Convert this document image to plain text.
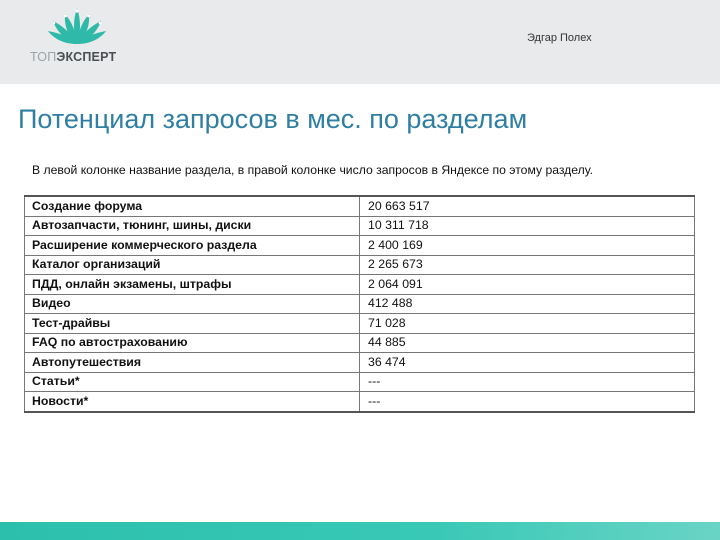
ТОПЭКСПЕРТ
Эдгар Полех
Потенциал запросов в мес. по разделам
В левой колонке название раздела, в правой колонке число запросов в Яндексе по этому разделу.
Создание форума	20 663 517
Автозапчасти, тюнинг, шины, диски	10 311 718
Расширение коммерческого раздела	2 400 169
Каталог организаций	2 265 673
ПДД, онлайн экзамены, штрафы	2 064 091
Видео	412 488
Тест-драйвы	71 028
FAQ по автострахованию	44 885
Автопутешествия	36 474
Статьи*	---
Новости*	---
